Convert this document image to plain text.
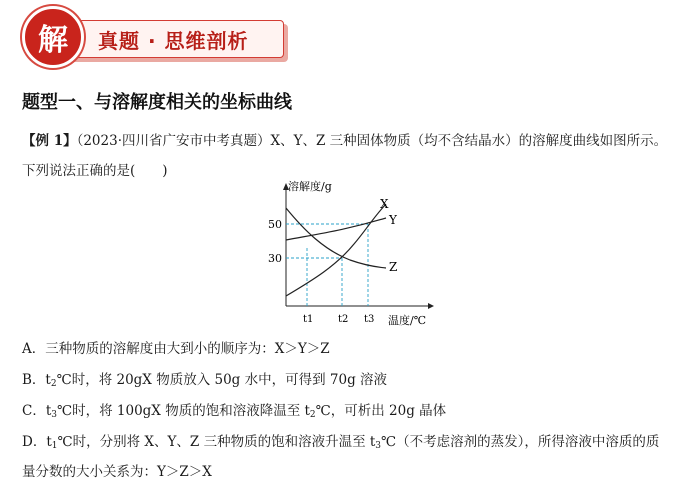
解 真题 · 思维剖析
题型一、与溶解度相关的坐标曲线
【例 1】（2023·四川省广安市中考真题）X、Y、Z 三种固体物质（均不含结晶水）的溶解度曲线如图所示。
下列说法正确的是(　　)
溶解度/g
50
30
t1 t2 t3 温度/℃
X
Y
Z
A．三种物质的溶解度由大到小的顺序为：X＞Y＞Z
B．$t_2℃$时，将 20gX 物质放入 50g 水中，可得到 70g 溶液
C．$t_3℃$时，将 100gX 物质的饱和溶液降温至 $t_2℃$，可析出 20g 晶体
D．$t_1℃$时，分别将 X、Y、Z 三种物质的饱和溶液升温至 $t_3℃$（不考虑溶剂的蒸发），所得溶液中溶质的质
量分数的大小关系为：Y＞Z＞X
